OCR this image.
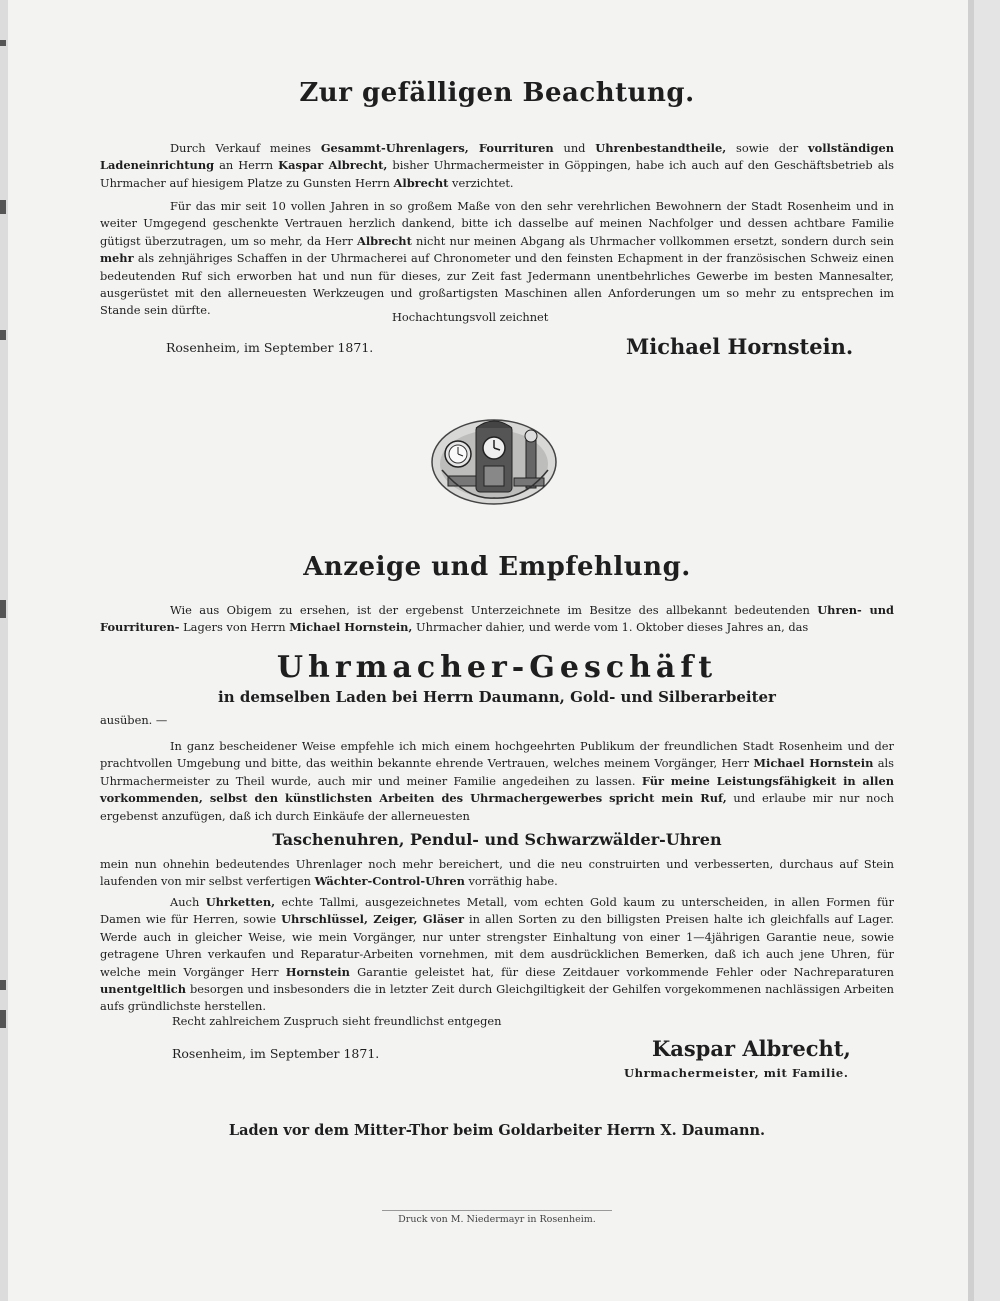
Zur gefälligen Beachtung.
Durch Verkauf meines Gesammt-Uhrenlagers, Fourrituren und Uhrenbestandtheile, sowie der vollständigen Ladeneinrichtung an Herrn Kaspar Albrecht, bisher Uhrmachermeister in Göppingen, habe ich auch auf den Geschäftsbetrieb als Uhrmacher auf hiesigem Platze zu Gunsten Herrn Albrecht verzichtet.
Für das mir seit 10 vollen Jahren in so großem Maße von den sehr verehrlichen Bewohnern der Stadt Rosenheim und in weiter Umgegend geschenkte Vertrauen herzlich dankend, bitte ich dasselbe auf meinen Nachfolger und dessen achtbare Familie gütigst überzutragen, um so mehr, da Herr Albrecht nicht nur meinen Abgang als Uhrmacher vollkommen ersetzt, sondern durch sein mehr als zehnjähriges Schaffen in der Uhrmacherei auf Chronometer und den feinsten Echapment in der französischen Schweiz einen bedeutenden Ruf sich erworben hat und nun für dieses, zur Zeit fast Jedermann unentbehrliches Gewerbe im besten Mannesalter, ausgerüstet mit den allerneuesten Werkzeugen und großartigsten Maschinen allen Anforderungen um so mehr zu entsprechen im Stande sein dürfte.	Hochachtungsvoll zeichnet
Rosenheim, im September 1871.	Michael Hornstein.
Anzeige und Empfehlung.
Wie aus Obigem zu ersehen, ist der ergebenst Unterzeichnete im Besitze des allbekannt bedeutenden Uhren- und Fourrituren- Lagers von Herrn Michael Hornstein, Uhrmacher dahier, und werde vom 1. Oktober dieses Jahres an, das
Uhrmacher-Geschäft
in demselben Laden bei Herrn Daumann, Gold- und Silberarbeiter
ausüben. —
In ganz bescheidener Weise empfehle ich mich einem hochgeehrten Publikum der freundlichen Stadt Rosenheim und der prachtvollen Umgebung und bitte, das weithin bekannte ehrende Vertrauen, welches meinem Vorgänger, Herr Michael Hornstein als Uhrmachermeister zu Theil wurde, auch mir und meiner Familie angedeihen zu lassen. Für meine Leistungsfähigkeit in allen vorkommenden, selbst den künstlichsten Arbeiten des Uhrmachergewerbes spricht mein Ruf, und erlaube mir nur noch ergebenst anzufügen, daß ich durch Einkäufe der allerneuesten
Taschenuhren, Pendul- und Schwarzwälder-Uhren
mein nun ohnehin bedeutendes Uhrenlager noch mehr bereichert, und die neu construirten und verbesserten, durchaus auf Stein laufenden von mir selbst verfertigen Wächter-Control-Uhren vorräthig habe.
Auch Uhrketten, echte Tallmi, ausgezeichnetes Metall, vom echten Gold kaum zu unterscheiden, in allen Formen für Damen wie für Herren, sowie Uhrschlüssel, Zeiger, Gläser in allen Sorten zu den billigsten Preisen halte ich gleichfalls auf Lager. Werde auch in gleicher Weise, wie mein Vorgänger, nur unter strengster Einhaltung von einer 1—4jährigen Garantie neue, sowie getragene Uhren verkaufen und Reparatur-Arbeiten vornehmen, mit dem ausdrücklichen Bemerken, daß ich auch jene Uhren, für welche mein Vorgänger Herr Hornstein Garantie geleistet hat, für diese Zeitdauer vorkommende Fehler oder Nachreparaturen unentgeltlich besorgen und insbesonders die in letzter Zeit durch Gleichgiltigkeit der Gehilfen vorgekommenen nachlässigen Arbeiten aufs gründlichste herstellen.
Recht zahlreichem Zuspruch sieht freundlichst entgegen
Rosenheim, im September 1871.	Kaspar Albrecht,
Uhrmachermeister, mit Familie.
Laden vor dem Mitter-Thor beim Goldarbeiter Herrn X. Daumann.
Druck von M. Niedermayr in Rosenheim.
